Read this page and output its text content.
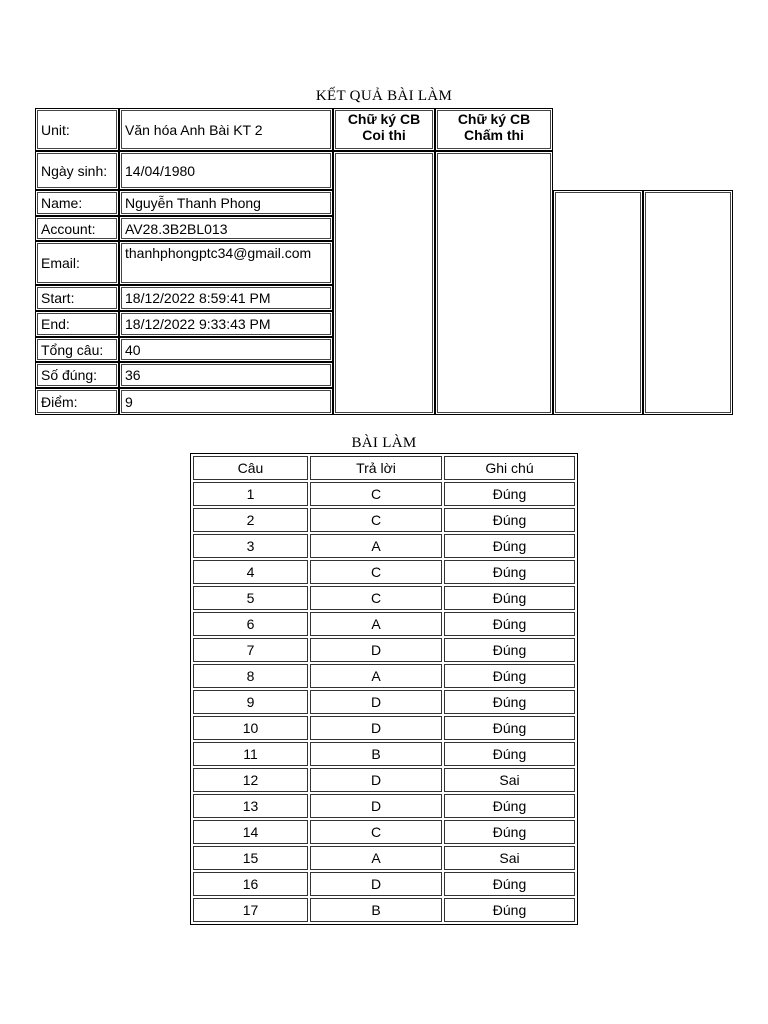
KẾT QUẢ BÀI LÀM
Unit:	Văn hóa Anh Bài KT 2
Ngày sinh:	14/04/1980
Name:	Nguyễn Thanh Phong
Account:	AV28.3B2BL013
Email:
thanhphongptc34@gmail.com
Start:	18/12/2022 8:59:41 PM
End:	18/12/2022 9:33:43 PM
Tổng câu:	40
Số đúng:	36
Điểm:	9
Chữ ký CB
Coi thi
Chữ ký CB
Chấm thi
BÀI LÀM
Câu	Trả lời	Ghi chú
1	C	Đúng
2	C	Đúng
3	A	Đúng
4	C	Đúng
5	C	Đúng
6	A	Đúng
7	D	Đúng
8	A	Đúng
9	D	Đúng
10	D	Đúng
11	B	Đúng
12	D	Sai
13	D	Đúng
14	C	Đúng
15	A	Sai
16	D	Đúng
17	B	Đúng
